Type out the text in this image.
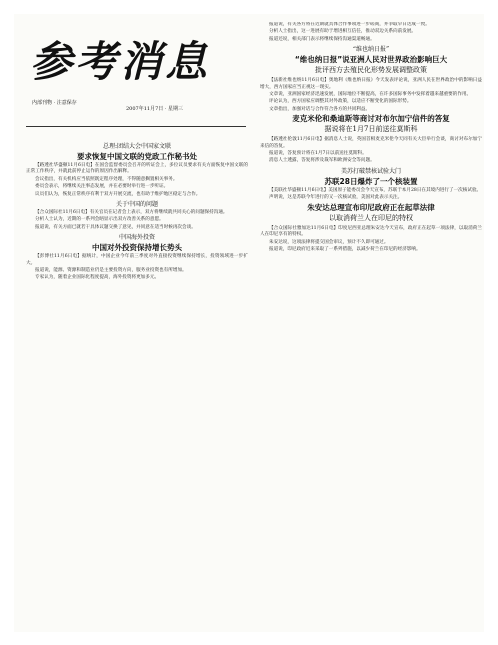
参考消息
内部刊物 · 注意保存
2007年11月7日 · 星期三
总理:团结大会中国家文联
要求恢复中国文联的党政工作秘书处

【路透社华盛顿11月6日电】在国会监督委员会召开的听证会上，多位议员要求有关方面恢复中国文联的正常工作秩序，并就此前停止运作的原因作出解释。

会议指出，有关机构应当依照既定程序处理，不得随意搁置相关事务。

委员会表示，将继续关注事态发展，并在必要时举行进一步听证。

议员们认为，恢复正常秩序有利于双方开展交流，也有助于维护地区稳定与合作。

关于中国的问题

【合众国际社11月6日电】有关官员在记者会上表示，双方将继续就共同关心的问题保持沟通。

分析人士认为，近期的一系列会晤显示出双方改善关系的意愿。

报道说，有关方面已就若干具体议题交换了意见，并同意在适当时候再次会谈。

中国海外投资
中国对外投资保持增长势头

【彭博社11月6日电】据统计，中国企业今年前三季度对外直接投资继续保持增长，投资领域进一步扩大。

报道说，能源、资源和制造业仍是主要投资方向，服务业投资也有所增加。

专家认为，随着企业国际化程度提高，海外投资将更加多元。

报道说，有关各方将在近期就具体合作事项进一步磋商，并争取早日达成一致。

分析人士指出，这一进展有助于增进相互信任，推动双边关系向前发展。

报道还说，相关部门表示将继续保持沟通渠道畅通。

“维也纳日报”
“维也纳日报”说亚洲人民对世界政治影响巨大
批评西方去殖民化形势发展调整政策

【法新社维也纳11月6日电】奥地利《维也纳日报》今天发表评论说，亚洲人民在世界政治中的影响日益增大，西方国家应当正视这一现实。

文章说，亚洲国家经济迅速发展，国际地位不断提高，在许多国际事务中发挥着越来越重要的作用。

评论认为，西方国家应调整其对外政策，以适应不断变化的国际形势。

文章指出，加强对话与合作符合各方的共同利益。

麦克米伦和桑迪斯等商讨对布尔加宁信件的答复
据说将在1月7日前送往莫斯科

【路透社伦敦11月6日电】据消息人士说，英国首相麦克米伦今天同有关大臣举行会谈，商讨对布尔加宁来信的答复。

报道说，答复预计将在1月7日以前送往莫斯科。

消息人士透露，答复将涉及裁军和欧洲安全等问题。

美苏打破禁核试验大门
苏联28日爆炸了一个核装置

【美联社华盛顿11月6日电】美国原子能委员会今天宣布，苏联于本月28日在其境内进行了一次核试验。

声明说，这是苏联今年进行的又一次核试验，美国对此表示关注。

朱安达总理宣布印尼政府正在起草法律
以取消荷兰人在印尼的特权

【合众国际社雅加达11月6日电】印度尼西亚总理朱安达今天宣布，政府正在起草一项法律，以取消荷兰人在印尼享有的特权。

朱安达说，这项法律将提交国会审议，预计不久即可通过。

报道说，印尼政府近来采取了一系列措施，以减少荷兰在印尼的经济影响。
